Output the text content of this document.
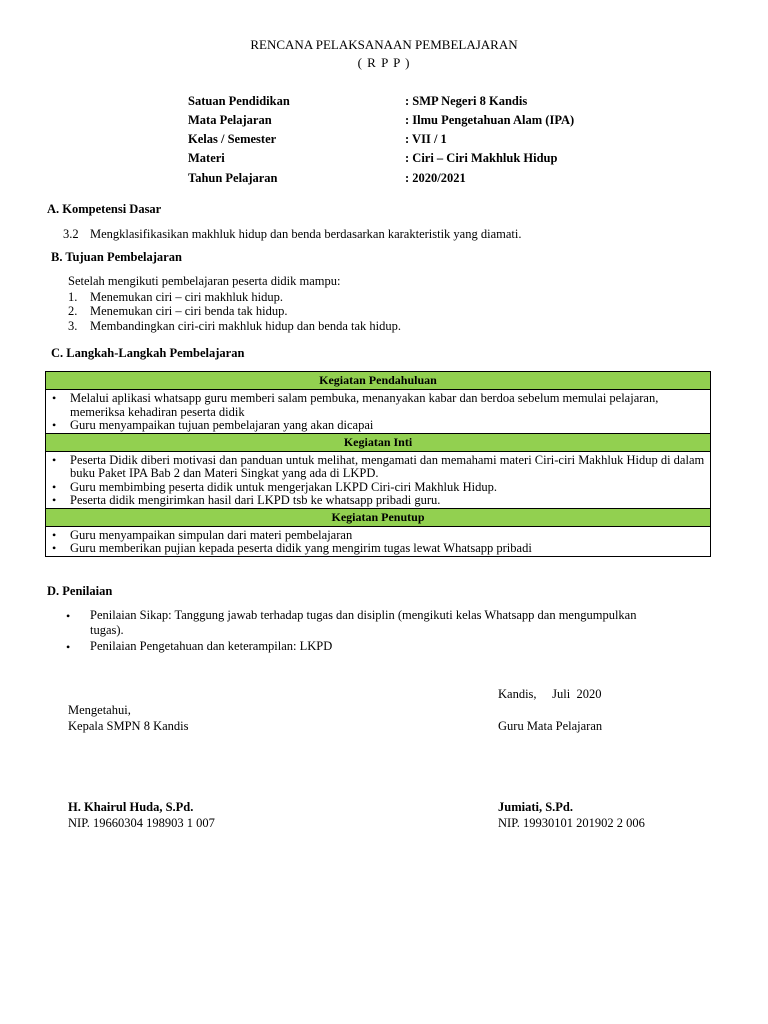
RENCANA PELAKSANAAN PEMBELAJARAN
( R P P )
Satuan Pendidikan	: SMP Negeri 8 Kandis
Mata Pelajaran	: Ilmu Pengetahuan Alam (IPA)
Kelas / Semester	: VII / 1
Materi	: Ciri – Ciri Makhluk Hidup
Tahun Pelajaran	: 2020/2021
A. Kompetensi Dasar
3.2 Mengklasifikasikan makhluk hidup dan benda berdasarkan karakteristik yang diamati.
B. Tujuan Pembelajaran
Setelah mengikuti pembelajaran peserta didik mampu:
1. Menemukan ciri – ciri makhluk hidup.
2. Menemukan ciri – ciri benda tak hidup.
3. Membandingkan ciri-ciri makhluk hidup dan benda tak hidup.
C. Langkah-Langkah Pembelajaran
Kegiatan Pendahuluan

• Melalui aplikasi whatsapp guru memberi salam pembuka, menanyakan kabar dan berdoa sebelum memulai pelajaran, memeriksa kehadiran peserta didik
• Guru menyampaikan tujuan pembelajaran yang akan dicapai

Kegiatan Inti

• Peserta Didik diberi motivasi dan panduan untuk melihat, mengamati dan memahami materi Ciri-ciri Makhluk Hidup di dalam buku Paket IPA Bab 2 dan Materi Singkat yang ada di LKPD.
• Guru membimbing peserta didik untuk mengerjakan LKPD Ciri-ciri Makhluk Hidup.
• Peserta didik mengirimkan hasil dari LKPD tsb ke whatsapp pribadi guru.

Kegiatan Penutup

• Guru menyampaikan simpulan dari materi pembelajaran
• Guru memberikan pujian kepada peserta didik yang mengirim tugas lewat Whatsapp pribadi
D. Penilaian
• Penilaian Sikap: Tanggung jawab terhadap tugas dan disiplin (mengikuti kelas Whatsapp dan mengumpulkan tugas).
• Penilaian Pengetahuan dan keterampilan: LKPD
Kandis,     Juli  2020
Mengetahui,
Kepala SMPN 8 Kandis	Guru Mata Pelajaran
H. Khairul Huda, S.Pd.
NIP. 19660304 198903 1 007
Jumiati, S.Pd.
NIP. 19930101 201902 2 006
